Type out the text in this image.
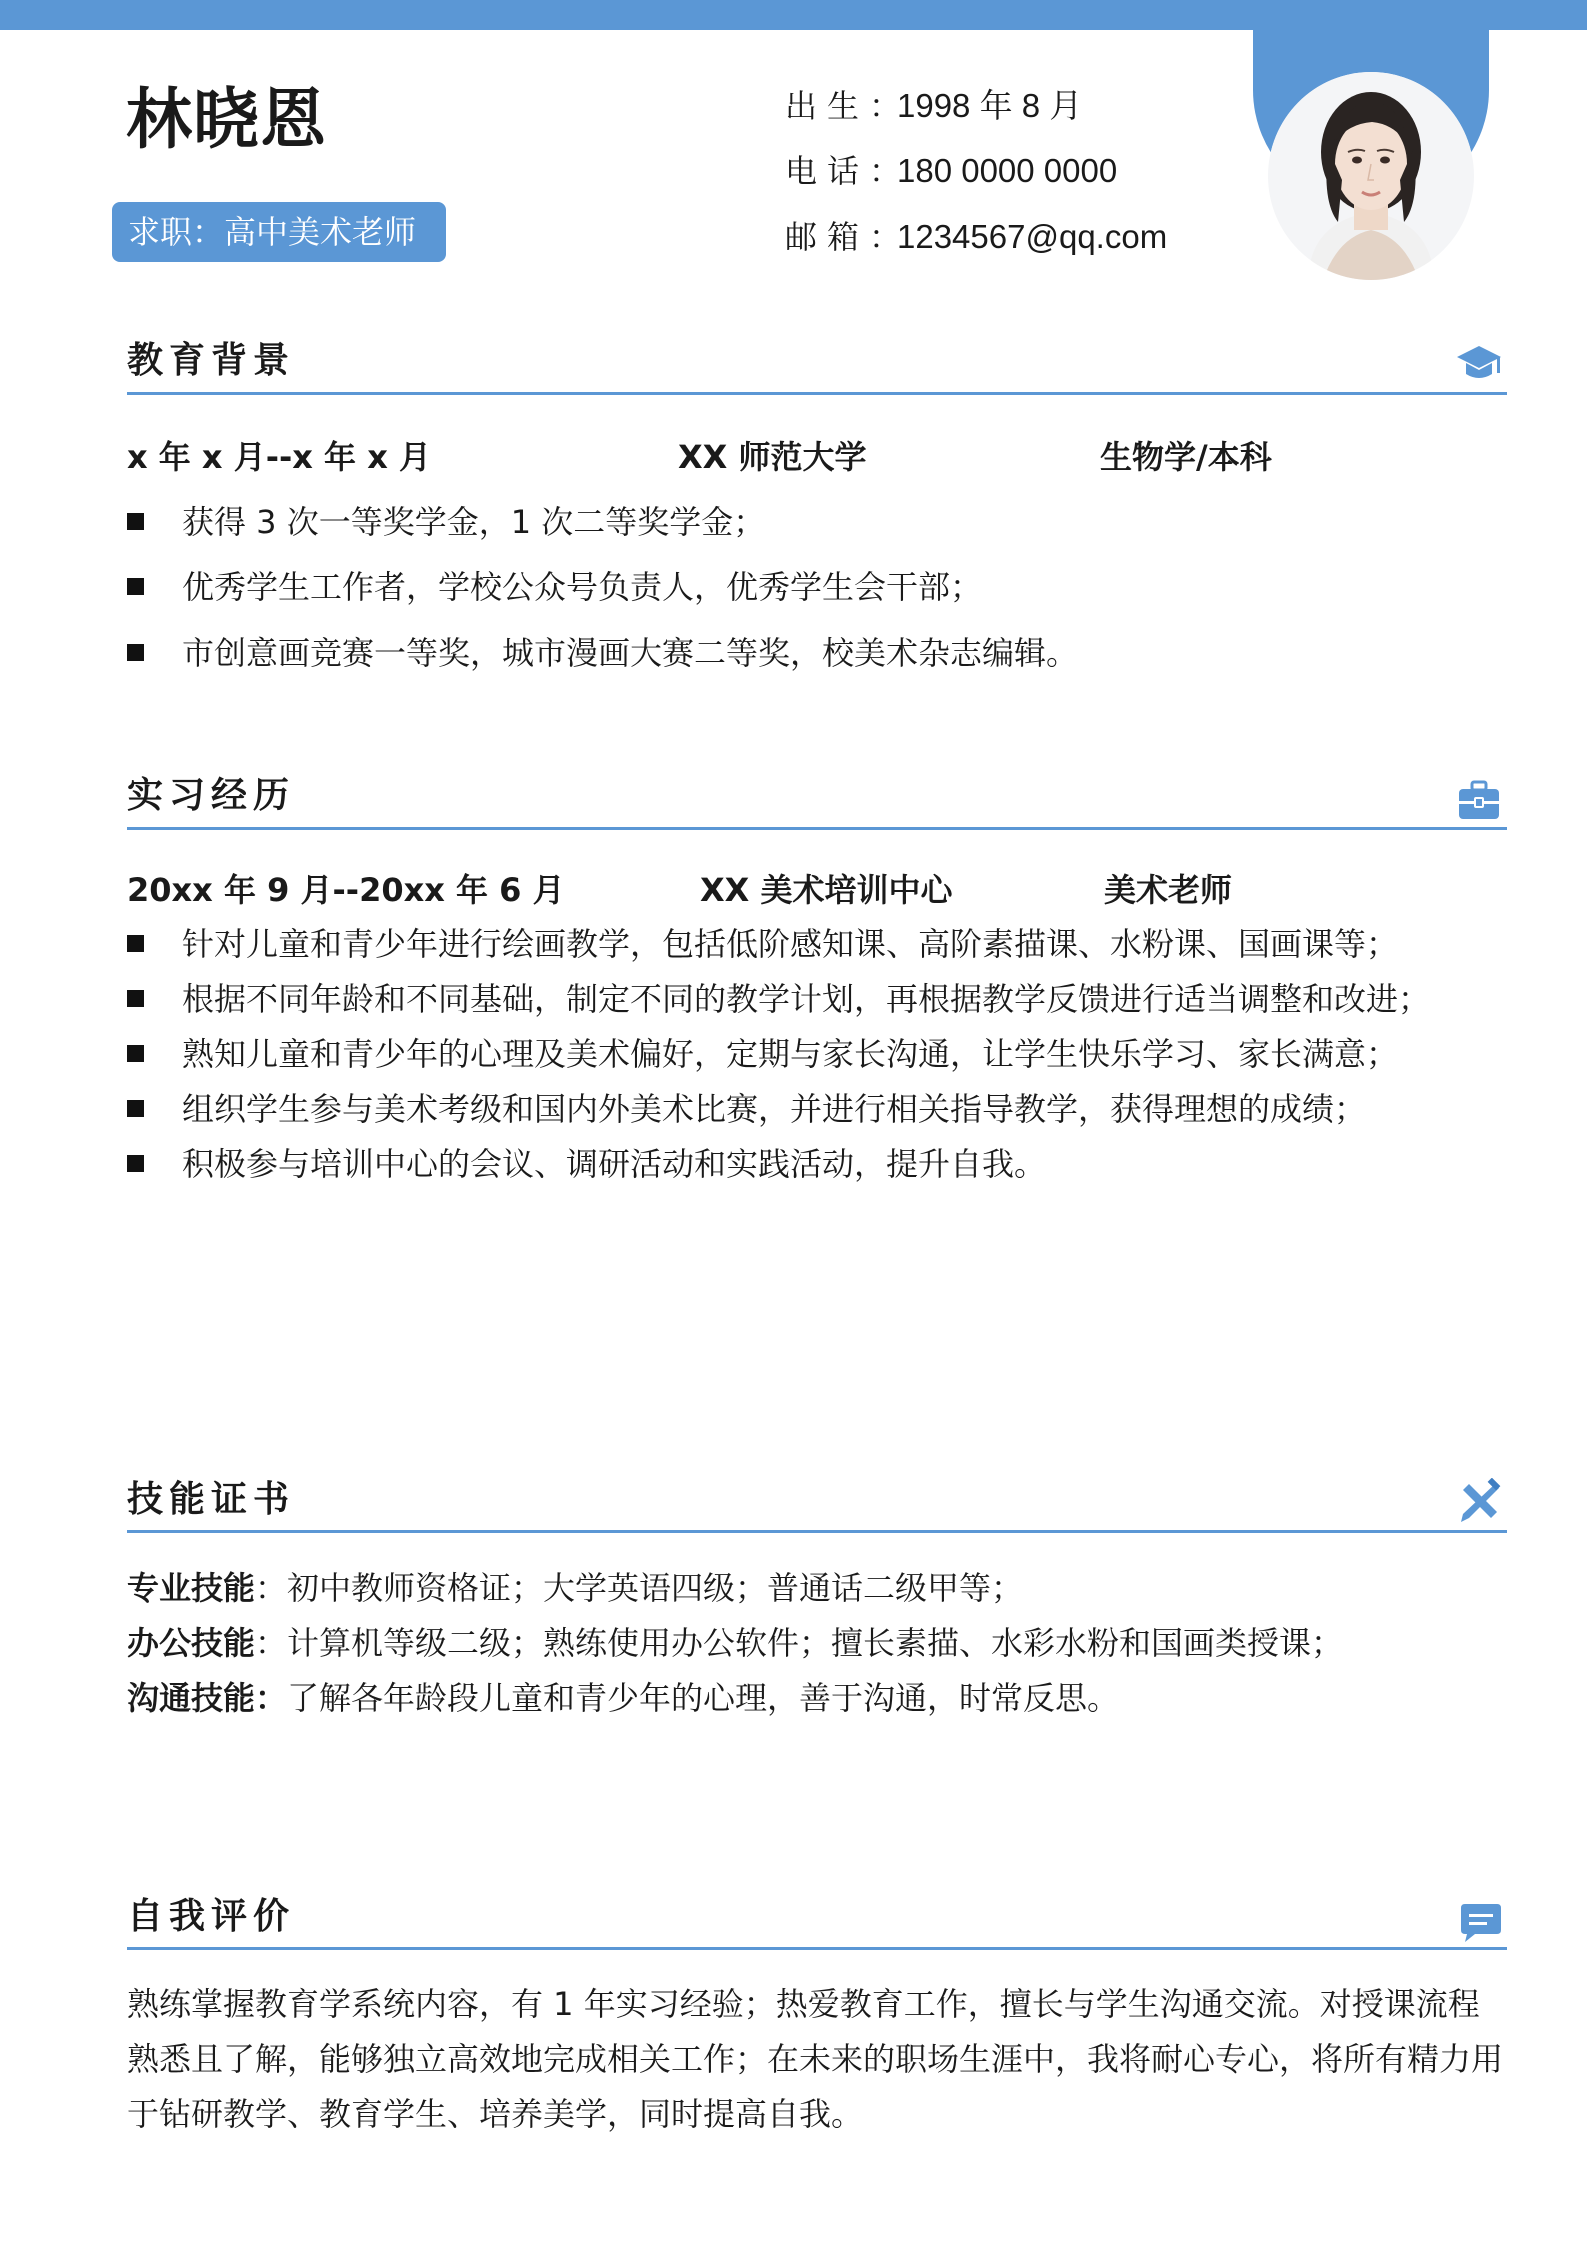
林晓恩
求职：高中美术老师
出生：1998 年 8 月
电话：180 0000 0000
邮箱：1234567@qq.com
教育背景
x 年 x 月--x 年 x 月	XX 师范大学	生物学/本科
获得 3 次一等奖学金，1 次二等奖学金；
优秀学生工作者，学校公众号负责人，优秀学生会干部；
市创意画竞赛一等奖，城市漫画大赛二等奖，校美术杂志编辑。
实习经历
20xx 年 9 月--20xx 年 6 月	XX 美术培训中心	美术老师
针对儿童和青少年进行绘画教学，包括低阶感知课、高阶素描课、水粉课、国画课等；
根据不同年龄和不同基础，制定不同的教学计划，再根据教学反馈进行适当调整和改进；
熟知儿童和青少年的心理及美术偏好，定期与家长沟通，让学生快乐学习、家长满意；
组织学生参与美术考级和国内外美术比赛，并进行相关指导教学，获得理想的成绩；
积极参与培训中心的会议、调研活动和实践活动，提升自我。
技能证书
专业技能：初中教师资格证；大学英语四级；普通话二级甲等；
办公技能：计算机等级二级；熟练使用办公软件；擅长素描、水彩水粉和国画类授课；
沟通技能：了解各年龄段儿童和青少年的心理，善于沟通，时常反思。
自我评价
熟练掌握教育学系统内容，有 1 年实习经验；热爱教育工作，擅长与学生沟通交流。对授课流程熟悉且了解，能够独立高效地完成相关工作；在未来的职场生涯中，我将耐心专心，将所有精力用于钻研教学、教育学生、培养美学，同时提高自我。
